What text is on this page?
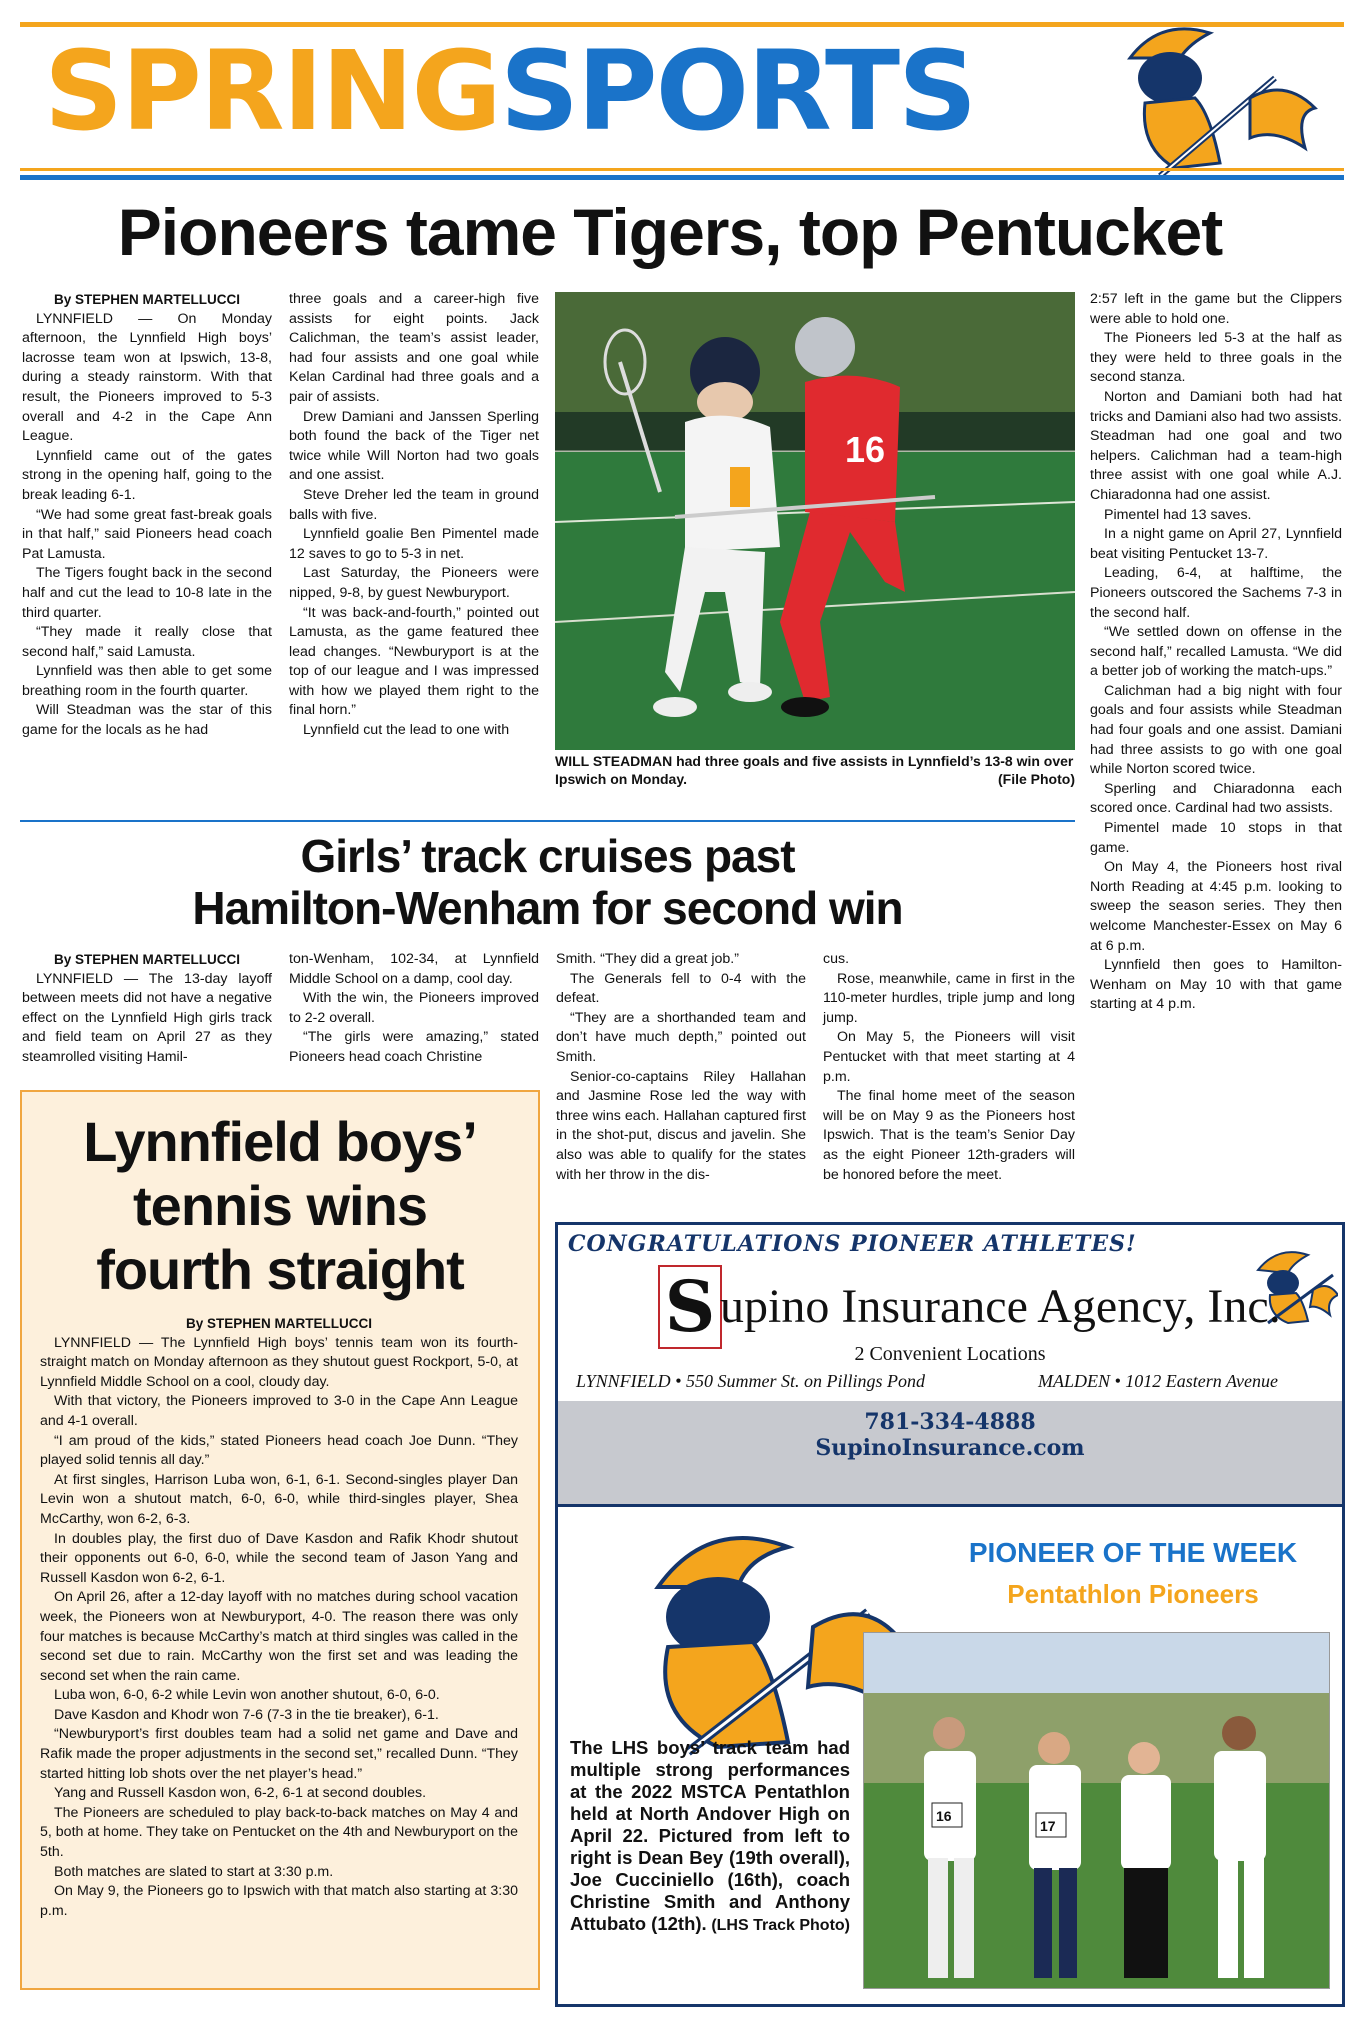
SPRINGSPORTS
Pioneers tame Tigers, top Pentucket

By STEPHEN MARTELLUCCI

LYNNFIELD — On Monday afternoon, the Lynnfield High boys’ lacrosse team won at Ipswich, 13-8, during a steady rainstorm. With that result, the Pioneers improved to 5-3 overall and 4-2 in the Cape Ann League.

Lynnfield came out of the gates strong in the opening half, going to the break leading 6-1.

“We had some great fast-break goals in that half,” said Pioneers head coach Pat Lamusta.

The Tigers fought back in the second half and cut the lead to 10-8 late in the third quarter.

“They made it really close that second half,” said Lamusta.

Lynnfield was then able to get some breathing room in the fourth quarter.

Will Steadman was the star of this game for the locals as he had

three goals and a career-high five assists for eight points. Jack Calichman, the team’s assist leader, had four assists and one goal while Kelan Cardinal had three goals and a pair of assists.

Drew Damiani and Janssen Sperling both found the back of the Tiger net twice while Will Norton had two goals and one assist.

Steve Dreher led the team in ground balls with five.

Lynnfield goalie Ben Pimentel made 12 saves to go to 5-3 in net.

Last Saturday, the Pioneers were nipped, 9-8, by guest Newburyport.

“It was back-and-fourth,” pointed out Lamusta, as the game featured thee lead changes. “Newburyport is at the top of our league and I was impressed with how we played them right to the final horn.”

Lynnfield cut the lead to one with

16
WILL STEADMAN had three goals and five assists in Lynnfield’s 13-8 win over Ipswich on Monday.	(File Photo)

2:57 left in the game but the Clippers were able to hold one.

The Pioneers led 5-3 at the half as they were held to three goals in the second stanza.

Norton and Damiani both had hat tricks and Damiani also had two assists. Steadman had one goal and two helpers. Calichman had a team-high three assist with one goal while A.J. Chiaradonna had one assist.

Pimentel had 13 saves.

In a night game on April 27, Lynnfield beat visiting Pentucket 13-7.

Leading, 6-4, at halftime, the Pioneers outscored the Sachems 7-3 in the second half.

“We settled down on offense in the second half,” recalled Lamusta. “We did a better job of working the match-ups.”

Calichman had a big night with four goals and four assists while Steadman had four goals and one assist. Damiani had three assists to go with one goal while Norton scored twice.

Sperling and Chiaradonna each scored once. Cardinal had two assists.

Pimentel made 10 stops in that game.

On May 4, the Pioneers host rival North Reading at 4:45 p.m. looking to sweep the season series. They then welcome Manchester-Essex on May 6 at 6 p.m.

Lynnfield then goes to Hamilton-Wenham on May 10 with that game starting at 4 p.m.

Girls’ track cruises past
Hamilton-Wenham for second win

By STEPHEN MARTELLUCCI

LYNNFIELD — The 13-day layoff between meets did not have a negative effect on the Lynnfield High girls track and field team on April 27 as they steamrolled visiting Hamil-

ton-Wenham, 102-34, at Lynnfield Middle School on a damp, cool day.

With the win, the Pioneers improved to 2-2 overall.

“The girls were amazing,” stated Pioneers head coach Christine

Smith. “They did a great job.”

The Generals fell to 0-4 with the defeat.

“They are a shorthanded team and don’t have much depth,” pointed out Smith.

Senior-co-captains Riley Hallahan and Jasmine Rose led the way with three wins each. Hallahan captured first in the shot-put, discus and javelin. She also was able to qualify for the states with her throw in the dis-

cus.

Rose, meanwhile, came in first in the 110-meter hurdles, triple jump and long jump.

On May 5, the Pioneers will visit Pentucket with that meet starting at 4 p.m.

The final home meet of the season will be on May 9 as the Pioneers host Ipswich. That is the team’s Senior Day as the eight Pioneer 12th-graders will be honored before the meet.

Lynnfield boys’
tennis wins
fourth straight

By STEPHEN MARTELLUCCI

LYNNFIELD — The Lynnfield High boys’ tennis team won its fourth-straight match on Monday afternoon as they shutout guest Rockport, 5-0, at Lynnfield Middle School on a cool, cloudy day.

With that victory, the Pioneers improved to 3-0 in the Cape Ann League and 4-1 overall.

“I am proud of the kids,” stated Pioneers head coach Joe Dunn. “They played solid tennis all day.”

At first singles, Harrison Luba won, 6-1, 6-1. Second-singles player Dan Levin won a shutout match, 6-0, 6-0, while third-singles player, Shea McCarthy, won 6-2, 6-3.

In doubles play, the first duo of Dave Kasdon and Rafik Khodr shutout their opponents out 6-0, 6-0, while the second team of Jason Yang and Russell Kasdon won 6-2, 6-1.

On April 26, after a 12-day layoff with no matches during school vacation week, the Pioneers won at Newburyport, 4-0. The reason there was only four matches is because McCarthy’s match at third singles was called in the second set due to rain. McCarthy won the first set and was leading the second set when the rain came.

Luba won, 6-0, 6-2 while Levin won another shutout, 6-0, 6-0.

Dave Kasdon and Khodr won 7-6 (7-3 in the tie breaker), 6-1.

“Newburyport’s first doubles team had a solid net game and Dave and Rafik made the proper adjustments in the second set,” recalled Dunn. “They started hitting lob shots over the net player’s head.”

Yang and Russell Kasdon won, 6-2, 6-1 at second doubles.

The Pioneers are scheduled to play back-to-back matches on May 4 and 5, both at home. They take on Pentucket on the 4th and Newburyport on the 5th.

Both matches are slated to start at 3:30 p.m.

On May 9, the Pioneers go to Ipswich with that match also starting at 3:30 p.m.

CONGRATULATIONS PIONEER ATHLETES!
S upino Insurance Agency, Inc.
2 Convenient Locations
LYNNFIELD • 550 Summer St. on Pillings Pond	MALDEN • 1012 Eastern Avenue
781-334-4888
SupinoInsurance.com
PIONEER OF THE WEEK
Pentathlon Pioneers
The LHS boys’ track team had multiple strong performances at the 2022 MSTCA Pentathlon held at North Andover High on April 22. Pictured from left to right is Dean Bey (19th overall), Joe Cucciniello (16th), coach Christine Smith and Anthony Attubato (12th). (LHS Track Photo)
16
17
